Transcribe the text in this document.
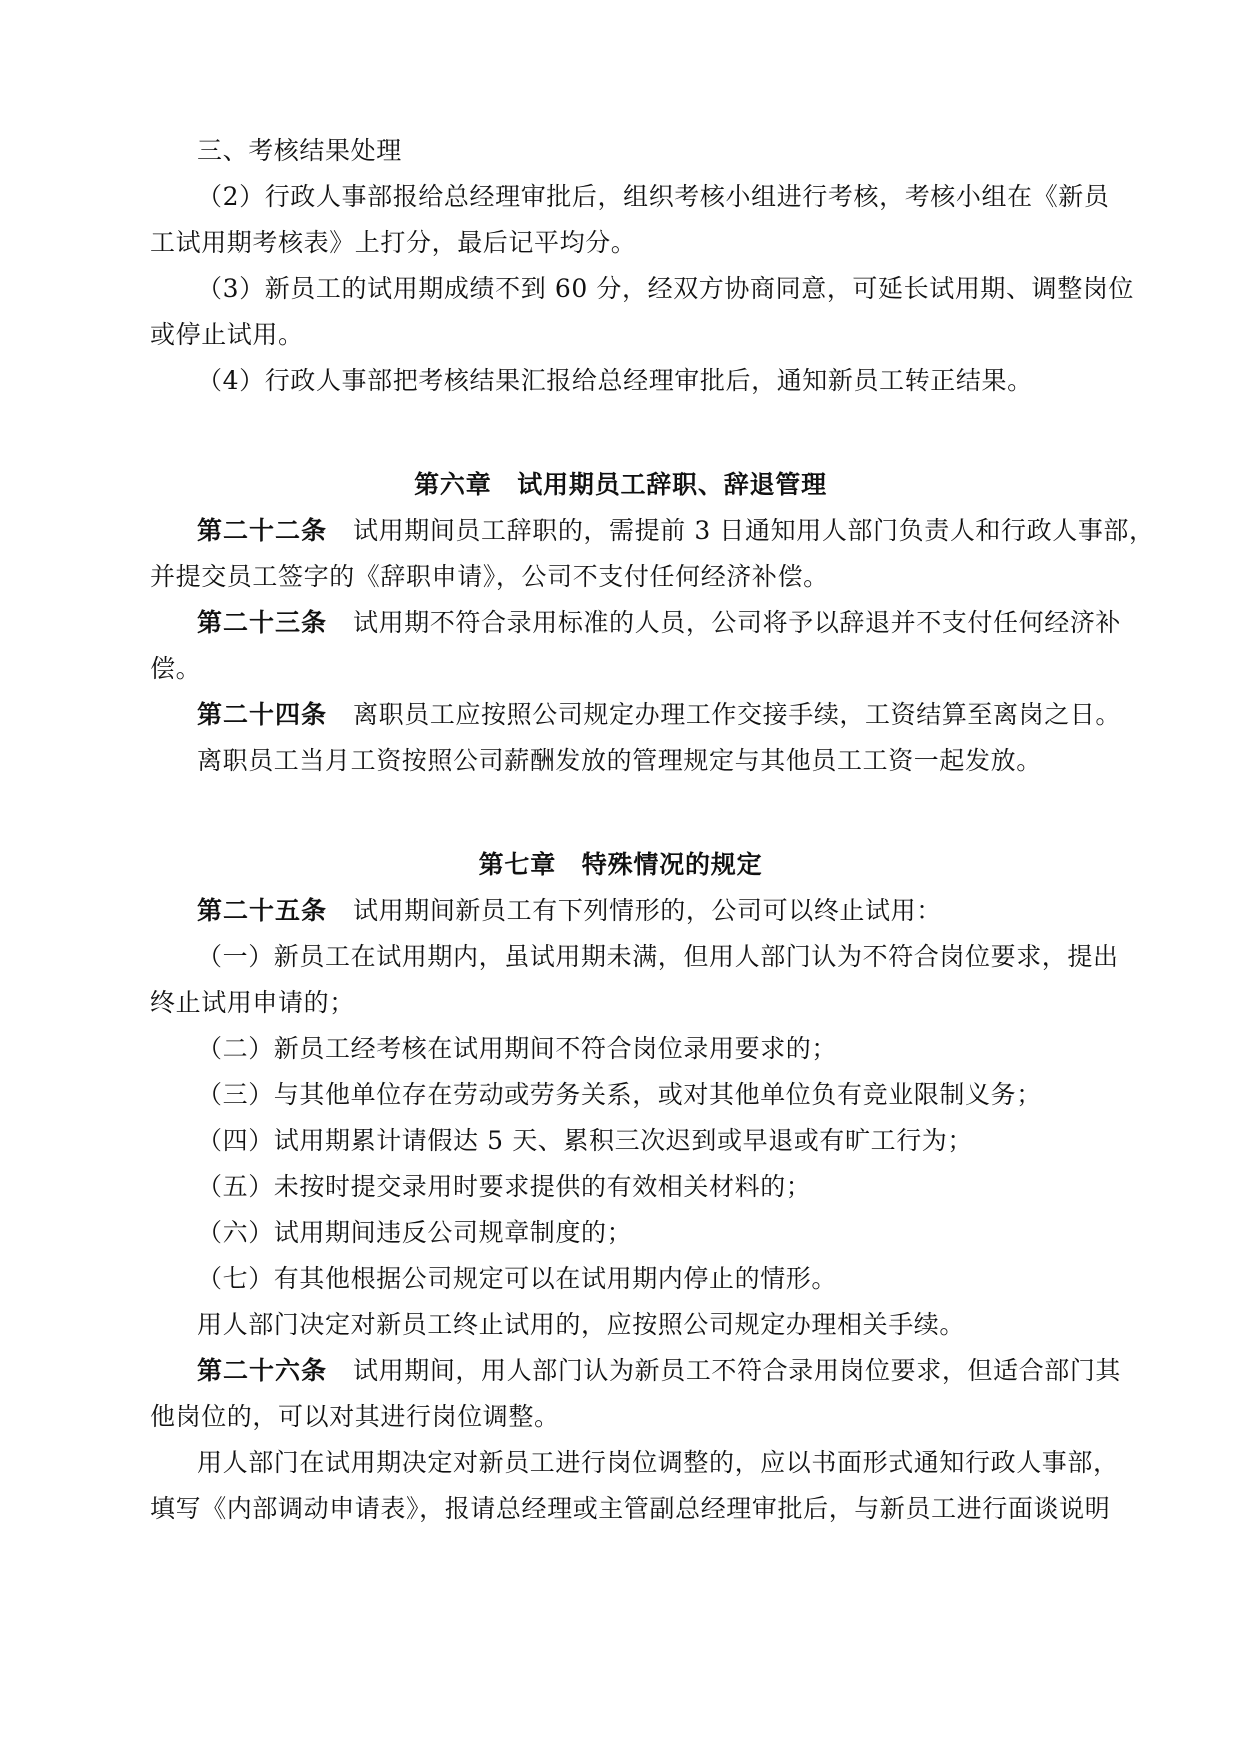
三、考核结果处理
（2）行政人事部报给总经理审批后，组织考核小组进行考核，考核小组在《新员
工试用期考核表》上打分，最后记平均分。
（3）新员工的试用期成绩不到 60 分，经双方协商同意，可延长试用期、调整岗位
或停止试用。
（4）行政人事部把考核结果汇报给总经理审批后，通知新员工转正结果。
第六章　试用期员工辞职、辞退管理
第二十二条 试用期间员工辞职的，需提前 3 日通知用人部门负责人和行政人事部，
并提交员工签字的《辞职申请》，公司不支付任何经济补偿。
第二十三条 试用期不符合录用标准的人员，公司将予以辞退并不支付任何经济补
偿。
第二十四条 离职员工应按照公司规定办理工作交接手续，工资结算至离岗之日。
离职员工当月工资按照公司薪酬发放的管理规定与其他员工工资一起发放。
第七章　特殊情况的规定
第二十五条 试用期间新员工有下列情形的，公司可以终止试用：
（一）新员工在试用期内，虽试用期未满，但用人部门认为不符合岗位要求，提出
终止试用申请的；
（二）新员工经考核在试用期间不符合岗位录用要求的；
（三）与其他单位存在劳动或劳务关系，或对其他单位负有竞业限制义务；
（四）试用期累计请假达 5 天、累积三次迟到或早退或有旷工行为；
（五）未按时提交录用时要求提供的有效相关材料的；
（六）试用期间违反公司规章制度的；
（七）有其他根据公司规定可以在试用期内停止的情形。
用人部门决定对新员工终止试用的，应按照公司规定办理相关手续。
第二十六条 试用期间，用人部门认为新员工不符合录用岗位要求，但适合部门其
他岗位的，可以对其进行岗位调整。
用人部门在试用期决定对新员工进行岗位调整的，应以书面形式通知行政人事部，
填写《内部调动申请表》，报请总经理或主管副总经理审批后，与新员工进行面谈说明
